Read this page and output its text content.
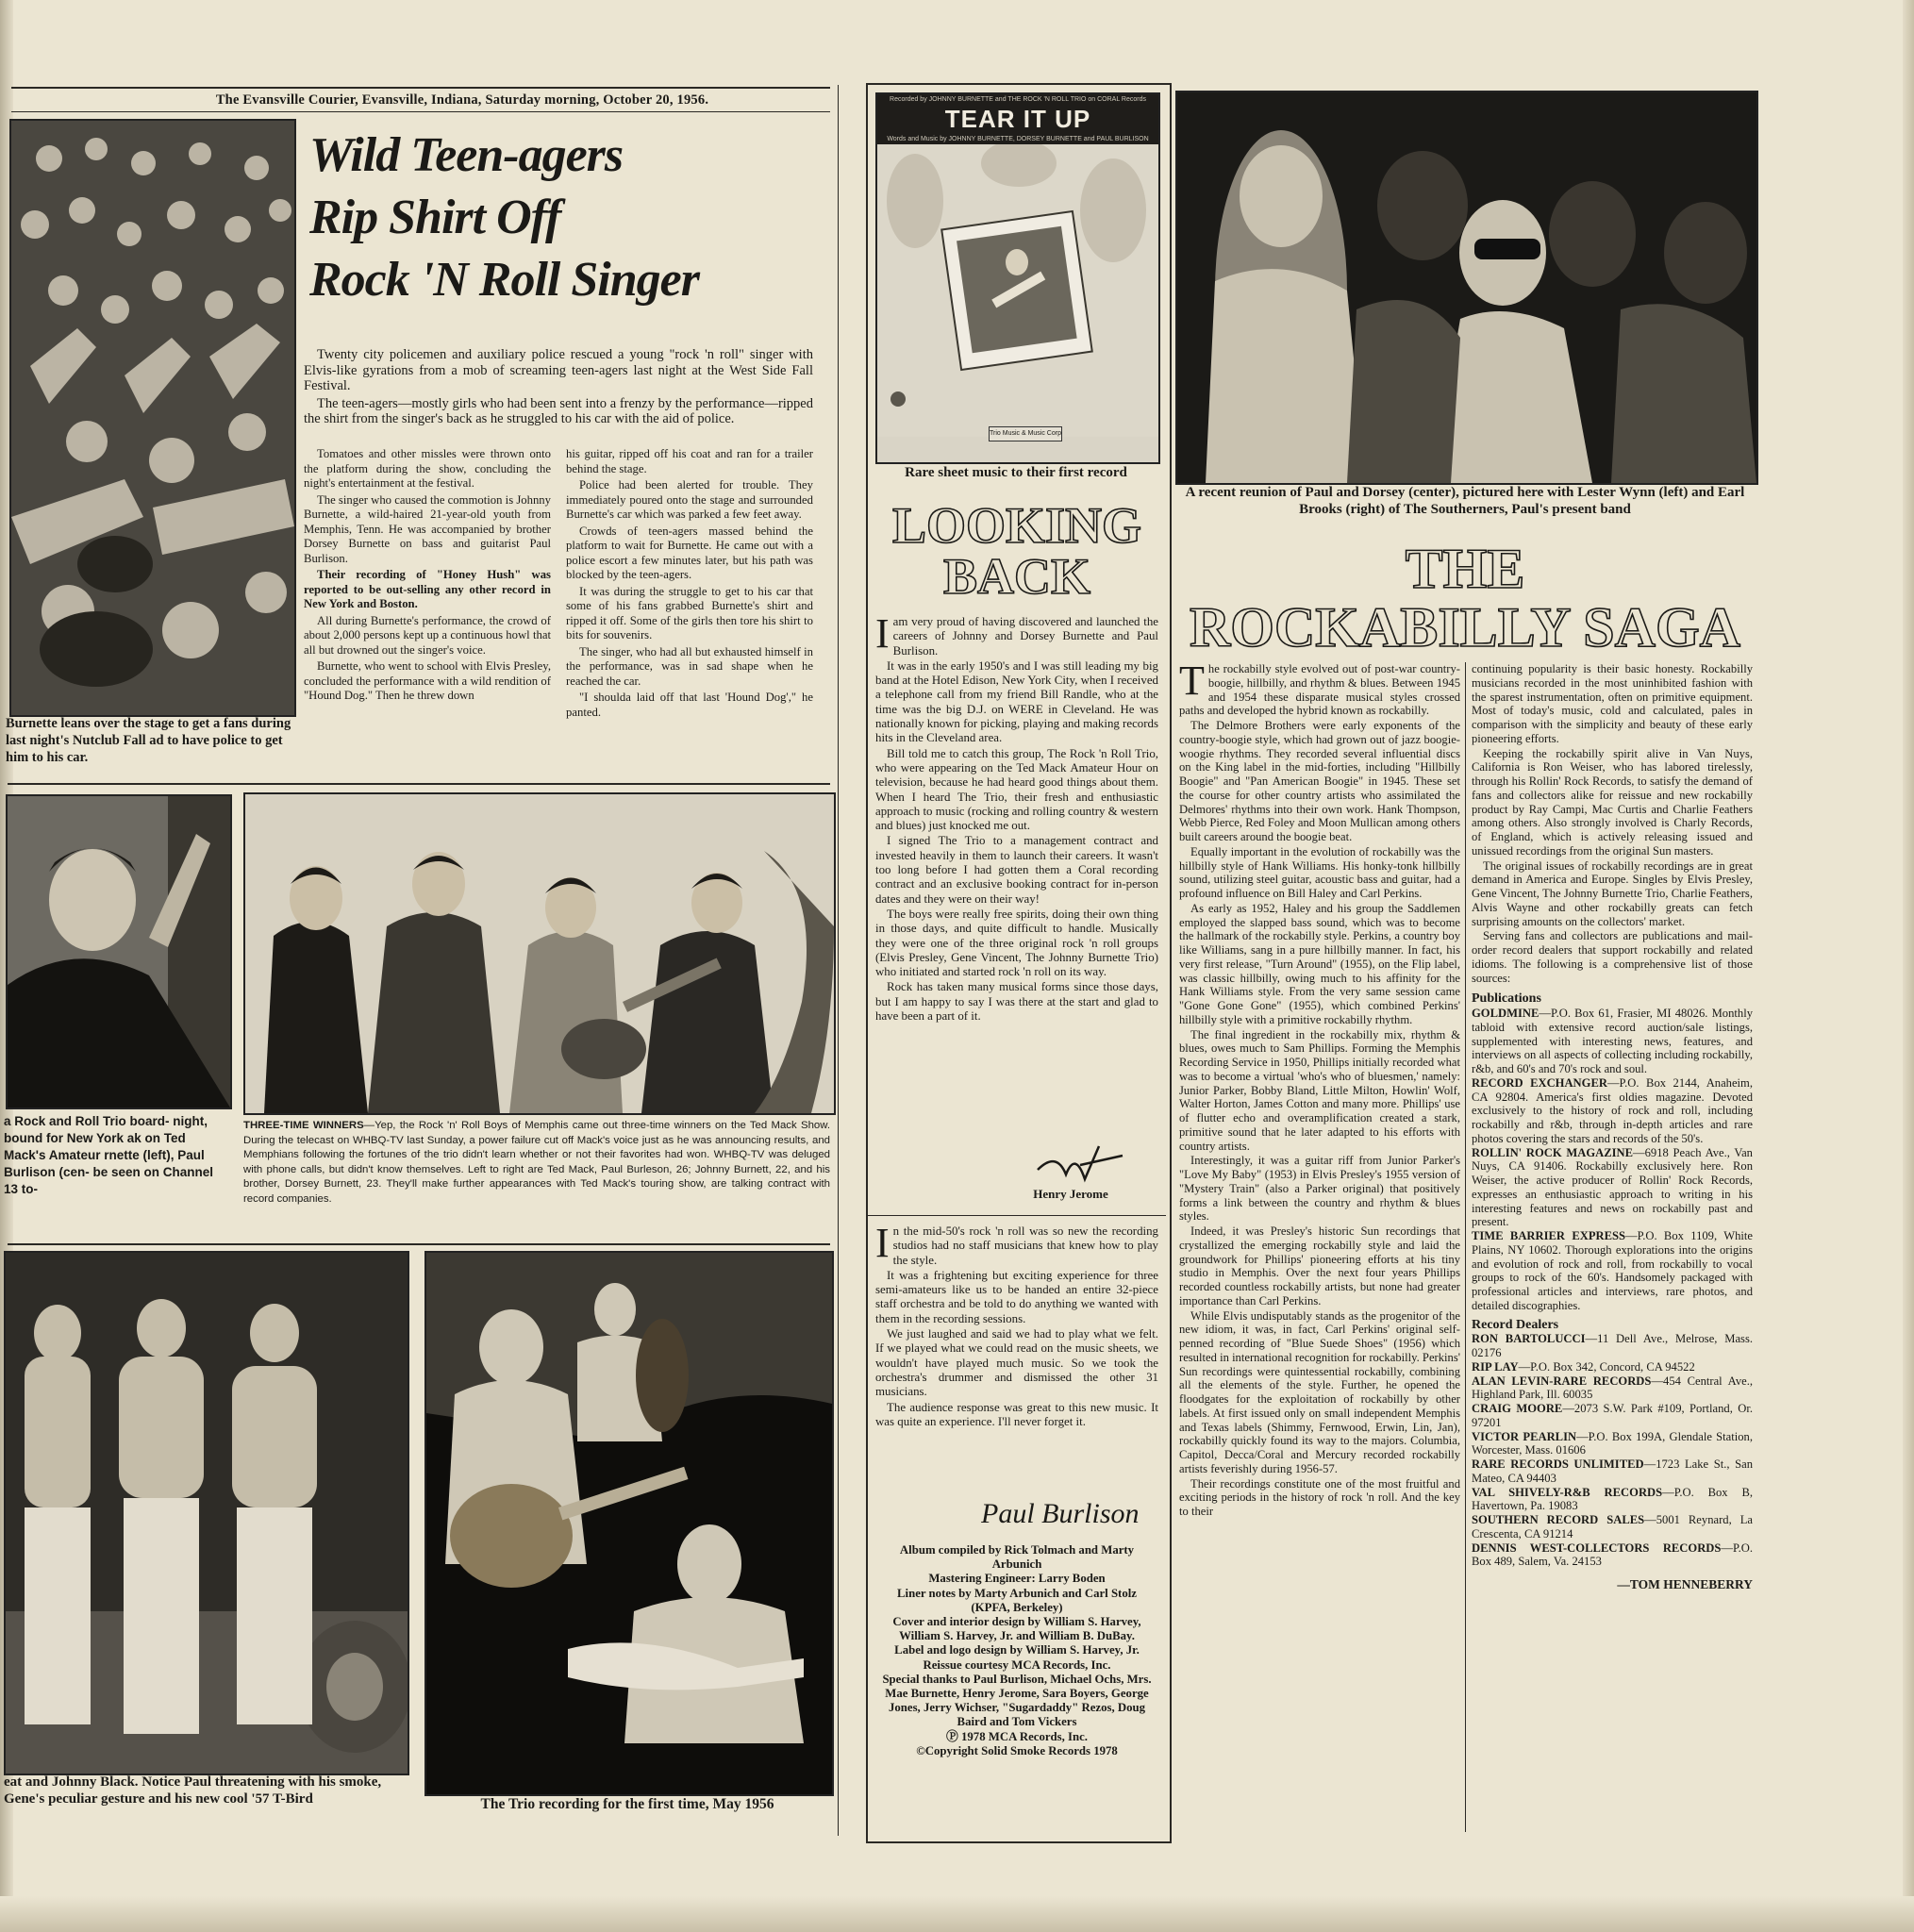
The Evansville Courier, Evansville, Indiana, Saturday morning, October 20, 1956.
Wild Teen-agers
Rip Shirt Off
Rock 'N Roll Singer

Twenty city policemen and auxiliary police rescued a young "rock 'n roll" singer with Elvis-like gyrations from a mob of screaming teen-agers last night at the West Side Fall Festival.

The teen-agers—mostly girls who had been sent into a frenzy by the performance—ripped the shirt from the singer's back as he struggled to his car with the aid of police.

Tomatoes and other missles were thrown onto the platform during the show, concluding the night's entertainment at the festival.

The singer who caused the commotion is Johnny Burnette, a wild-haired 21-year-old youth from Memphis, Tenn. He was accompanied by brother Dorsey Burnette on bass and guitarist Paul Burlison.

Their recording of "Honey Hush" was reported to be out-selling any other record in New York and Boston.

All during Burnette's performance, the crowd of about 2,000 persons kept up a continuous howl that all but drowned out the singer's voice.

Burnette, who went to school with Elvis Presley, concluded the performance with a wild rendition of "Hound Dog." Then he threw down

his guitar, ripped off his coat and ran for a trailer behind the stage.

Police had been alerted for trouble. They immediately poured onto the stage and surrounded Burnette's car which was parked a few feet away.

Crowds of teen-agers massed behind the platform to wait for Burnette. He came out with a police escort a few minutes later, but his path was blocked by the teen-agers.

It was during the struggle to get to his car that some of his fans grabbed Burnette's shirt and ripped it off. Some of the girls then tore his shirt to bits for souvenirs.

The singer, who had all but exhausted himself in the performance, was in sad shape when he reached the car.

"I shoulda laid off that last 'Hound Dog'," he panted.

Burnette leans over the stage to get a fans during last night's Nutclub Fall ad to have police to get him to his car.
a Rock and Roll Trio board- night, bound for New York ak on Ted Mack's Amateur rnette (left), Paul Burlison (cen- be seen on Channel 13 to-
THREE-TIME WINNERS—Yep, the Rock 'n' Roll Boys of Memphis came out three-time winners on the Ted Mack Show. During the telecast on WHBQ-TV last Sunday, a power failure cut off Mack's voice just as he was announcing results, and Memphians following the fortunes of the trio didn't learn whether or not their favorites had won. WHBQ-TV was deluged with phone calls, but didn't know themselves. Left to right are Ted Mack, Paul Burleson, 26; Johnny Burnett, 22, and his brother, Dorsey Burnett, 23. They'll make further appearances with Ted Mack's touring show, are talking contract with record companies.
eat and Johnny Black. Notice Paul threatening with his smoke, Gene's peculiar gesture and his new cool '57 T-Bird	The Trio recording for the first time, May 1956
Recorded by JOHNNY BURNETTE and THE ROCK 'N ROLL TRIO on CORAL Records
TEAR IT UP
Words and Music by JOHNNY BURNETTE, DORSEY BURNETTE and PAUL BURLISON
Trio Music & Music Corp
Rare sheet music to their first record
LOOKING
BACK

Iam very proud of having discovered and launched the careers of Johnny and Dorsey Burnette and Paul Burlison.

It was in the early 1950's and I was still leading my big band at the Hotel Edison, New York City, when I received a telephone call from my friend Bill Randle, who at the time was the big D.J. on WERE in Cleveland. He was nationally known for picking, playing and making records hits in the Cleveland area.

Bill told me to catch this group, The Rock 'n Roll Trio, who were appearing on the Ted Mack Amateur Hour on television, because he had heard good things about them. When I heard The Trio, their fresh and enthusiastic approach to music (rocking and rolling country & western and blues) just knocked me out.

I signed The Trio to a management contract and invested heavily in them to launch their careers. It wasn't too long before I had gotten them a Coral recording contract and an exclusive booking contract for in-person dates and they were on their way!

The boys were really free spirits, doing their own thing in those days, and quite difficult to handle. Musically they were one of the three original rock 'n roll groups (Elvis Presley, Gene Vincent, The Johnny Burnette Trio) who initiated and started rock 'n roll on its way.

Rock has taken many musical forms since those days, but I am happy to say I was there at the start and glad to have been a part of it.

Henry Jerome

In the mid-50's rock 'n roll was so new the recording studios had no staff musicians that knew how to play the style.

It was a frightening but exciting experience for three semi-amateurs like us to be handed an entire 32-piece staff orchestra and be told to do anything we wanted with them in the recording sessions.

We just laughed and said we had to play what we felt. If we played what we could read on the music sheets, we wouldn't have played much music. So we took the orchestra's drummer and dismissed the other 31 musicians.

The audience response was great to this new music. It was quite an experience. I'll never forget it.

Paul Burlison
Album compiled by Rick Tolmach and Marty Arbunich
Mastering Engineer: Larry Boden
Liner notes by Marty Arbunich and Carl Stolz
(KPFA, Berkeley)
Cover and interior design by William S. Harvey, William S. Harvey, Jr. and William B. DuBay.
Label and logo design by William S. Harvey, Jr.
Reissue courtesy MCA Records, Inc.
Special thanks to Paul Burlison, Michael Ochs, Mrs. Mae Burnette, Henry Jerome, Sara Boyers, George Jones, Jerry Wichser, "Sugardaddy" Rezos, Doug Baird and Tom Vickers
Ⓟ 1978 MCA Records, Inc.
©Copyright Solid Smoke Records 1978
A recent reunion of Paul and Dorsey (center), pictured here with Lester Wynn (left) and Earl Brooks (right) of The Southerners, Paul's present band
THE
ROCKABILLY SAGA

The rockabilly style evolved out of post-war country-boogie, hillbilly, and rhythm & blues. Between 1945 and 1954 these disparate musical styles crossed paths and developed the hybrid known as rockabilly.

The Delmore Brothers were early exponents of the country-boogie style, which had grown out of jazz boogie-woogie rhythms. They recorded several influential discs on the King label in the mid-forties, including "Hillbilly Boogie" and "Pan American Boogie" in 1945. These set the course for other country artists who assimilated the Delmores' rhythms into their own work. Hank Thompson, Webb Pierce, Red Foley and Moon Mullican among others built careers around the boogie beat.

Equally important in the evolution of rockabilly was the hillbilly style of Hank Williams. His honky-tonk hillbilly sound, utilizing steel guitar, acoustic bass and guitar, had a profound influence on Bill Haley and Carl Perkins.

As early as 1952, Haley and his group the Saddlemen employed the slapped bass sound, which was to become the hallmark of the rockabilly style. Perkins, a country boy like Williams, sang in a pure hillbilly manner. In fact, his very first release, "Turn Around" (1955), on the Flip label, was classic hillbilly, owing much to his affinity for the Hank Williams style. From the very same session came "Gone Gone Gone" (1955), which combined Perkins' hillbilly style with a primitive rockabilly rhythm.

The final ingredient in the rockabilly mix, rhythm & blues, owes much to Sam Phillips. Forming the Memphis Recording Service in 1950, Phillips initially recorded what was to become a virtual 'who's who of bluesmen,' namely: Junior Parker, Bobby Bland, Little Milton, Howlin' Wolf, Walter Horton, James Cotton and many more. Phillips' use of flutter echo and overamplification created a stark, primitive sound that he later adapted to his efforts with country artists.

Interestingly, it was a guitar riff from Junior Parker's "Love My Baby" (1953) in Elvis Presley's 1955 version of "Mystery Train" (also a Parker original) that positively forms a link between the country and rhythm & blues styles.

Indeed, it was Presley's historic Sun recordings that crystallized the emerging rockabilly style and laid the groundwork for Phillips' pioneering efforts at his tiny studio in Memphis. Over the next four years Phillips recorded countless rockabilly artists, but none had greater importance than Carl Perkins.

While Elvis undisputably stands as the progenitor of the new idiom, it was, in fact, Carl Perkins' original self-penned recording of "Blue Suede Shoes" (1956) which resulted in international recognition for rockabilly. Perkins' Sun recordings were quintessential rockabilly, combining all the elements of the style. Further, he opened the floodgates for the exploitation of rockabilly by other labels. At first issued only on small independent Memphis and Texas labels (Shimmy, Fernwood, Erwin, Lin, Jan), rockabilly quickly found its way to the majors. Columbia, Capitol, Decca/Coral and Mercury recorded rockabilly artists feverishly during 1956-57.

Their recordings constitute one of the most fruitful and exciting periods in the history of rock 'n roll. And the key to their

continuing popularity is their basic honesty. Rockabilly musicians recorded in the most uninhibited fashion with the sparest instrumentation, often on primitive equipment. Most of today's music, cold and calculated, pales in comparison with the simplicity and beauty of these early pioneering efforts.

Keeping the rockabilly spirit alive in Van Nuys, California is Ron Weiser, who has labored tirelessly, through his Rollin' Rock Records, to satisfy the demand of fans and collectors alike for reissue and new rockabilly product by Ray Campi, Mac Curtis and Charlie Feathers among others. Also strongly involved is Charly Records, of England, which is actively releasing issued and unissued recordings from the original Sun masters.

The original issues of rockabilly recordings are in great demand in America and Europe. Singles by Elvis Presley, Gene Vincent, The Johnny Burnette Trio, Charlie Feathers, Alvis Wayne and other rockabilly greats can fetch surprising amounts on the collectors' market.

Serving fans and collectors are publications and mail-order record dealers that support rockabilly and related idioms. The following is a comprehensive list of those sources:

Publications
GOLDMINE—P.O. Box 61, Frasier, MI 48026. Monthly tabloid with extensive record auction/sale listings, supplemented with interesting news, features, and interviews on all aspects of collecting including rockabilly, r&b, and 60's and 70's rock and soul.
RECORD EXCHANGER—P.O. Box 2144, Anaheim, CA 92804. America's first oldies magazine. Devoted exclusively to the history of rock and roll, including rockabilly and r&b, through in-depth articles and rare photos covering the stars and records of the 50's.
ROLLIN' ROCK MAGAZINE—6918 Peach Ave., Van Nuys, CA 91406. Rockabilly exclusively here. Ron Weiser, the active producer of Rollin' Rock Records, expresses an enthusiastic approach to writing in his interesting features and news on rockabilly past and present.
TIME BARRIER EXPRESS—P.O. Box 1109, White Plains, NY 10602. Thorough explorations into the origins and evolution of rock and roll, from rockabilly to vocal groups to rock of the 60's. Handsomely packaged with professional articles and interviews, rare photos, and detailed discographies.
Record Dealers
RON BARTOLUCCI—11 Dell Ave., Melrose, Mass. 02176
RIP LAY—P.O. Box 342, Concord, CA 94522
ALAN LEVIN-RARE RECORDS—454 Central Ave., Highland Park, Ill. 60035
CRAIG MOORE—2073 S.W. Park #109, Portland, Or. 97201
VICTOR PEARLIN—P.O. Box 199A, Glendale Station, Worcester, Mass. 01606
RARE RECORDS UNLIMITED—1723 Lake St., San Mateo, CA 94403
VAL SHIVELY-R&B RECORDS—P.O. Box B, Havertown, Pa. 19083
SOUTHERN RECORD SALES—5001 Reynard, La Crescenta, CA 91214
DENNIS WEST-COLLECTORS RECORDS—P.O. Box 489, Salem, Va. 24153
—TOM HENNEBERRY
